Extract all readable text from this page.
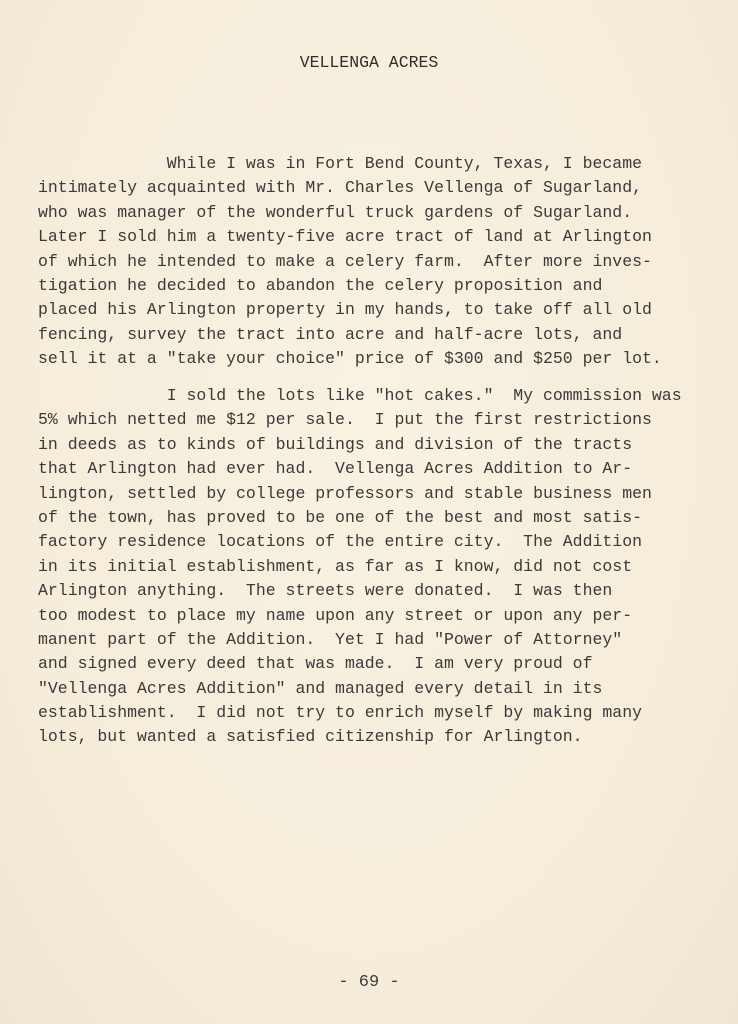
VELLENGA ACRES
While I was in Fort Bend County, Texas, I became
intimately acquainted with Mr. Charles Vellenga of Sugarland,
who was manager of the wonderful truck gardens of Sugarland.
Later I sold him a twenty-five acre tract of land at Arlington
of which he intended to make a celery farm.  After more inves-
tigation he decided to abandon the celery proposition and
placed his Arlington property in my hands, to take off all old
fencing, survey the tract into acre and half-acre lots, and
sell it at a "take your choice" price of $300 and $250 per lot.
I sold the lots like "hot cakes."  My commission was
5% which netted me $12 per sale.  I put the first restrictions
in deeds as to kinds of buildings and division of the tracts
that Arlington had ever had.  Vellenga Acres Addition to Ar-
lington, settled by college professors and stable business men
of the town, has proved to be one of the best and most satis-
factory residence locations of the entire city.  The Addition
in its initial establishment, as far as I know, did not cost
Arlington anything.  The streets were donated.  I was then
too modest to place my name upon any street or upon any per-
manent part of the Addition.  Yet I had "Power of Attorney"
and signed every deed that was made.  I am very proud of
"Vellenga Acres Addition" and managed every detail in its
establishment.  I did not try to enrich myself by making many
lots, but wanted a satisfied citizenship for Arlington.
- 69 -
